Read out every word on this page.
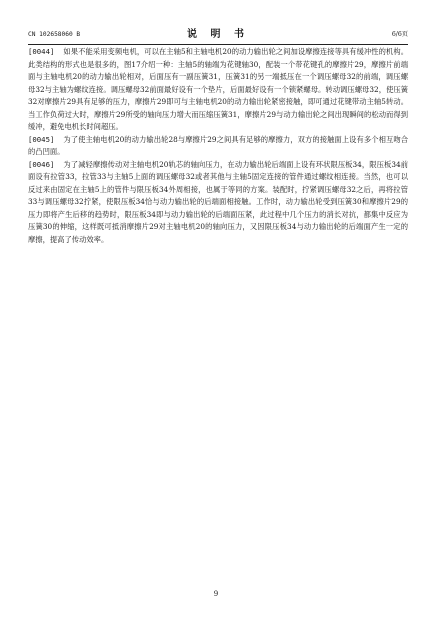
CN 102658060 B	说 明 书	6/6页

[0044] 如果不能采用变频电机，可以在主轴5和主轴电机20的动力输出轮之间加设摩擦连接等具有缓冲性的机构。此类结构的形式也是很多的，图17介绍一种：主轴5的轴端为花键轴30，配装一个带花键孔的摩擦片29，摩擦片前端面与主轴电机20的动力输出轮相对，后面压有一副压簧31，压簧31的另一端抵压在一个调压螺母32的前端，调压螺母32与主轴为螺纹连接。调压螺母32前面最好设有一个垫片，后面最好设有一个锁紧螺母。转动调压螺母32，使压簧32对摩擦片29具有足够的压力，摩擦片29即可与主轴电机20的动力输出轮紧密接触，即可通过花键带动主轴5转动。当工作负荷过大时，摩擦片29所受的轴向压力增大而压缩压簧31，摩擦片29与动力输出轮之间出现瞬间的松动而得到缓冲，避免电机长时间超压。

[0045] 为了使主轴电机20的动力输出轮28与摩擦片29之间具有足够的摩擦力，双方的接触面上设有多个相互吻合的凸凹面。

[0046] 为了减轻摩擦传动对主轴电机20轨芯的轴向压力，在动力输出轮后端面上设有环状限压板34，限压板34前面设有拉管33，拉管33与主轴5上面的调压螺母32或者其他与主轴5固定连接的管件通过螺纹相连接。当然，也可以反过来由固定在主轴5上的管件与限压板34外周相接，也属于等同的方案。装配时，拧紧调压螺母32之后，再将拉管33与调压螺母32拧紧，使限压板34恰与动力输出轮的后端面相接触。工作时，动力输出轮受到压簧30和摩擦片29的压力即将产生后移的趋势时，限压板34即与动力输出轮的后端面压紧，此过程中几个压力的消长对抗，都集中反应为压簧30的伸缩，这样既可抵消摩擦片29对主轴电机20的轴向压力，又因限压板34与动力输出轮的后端面产生一定的摩擦，提高了传动效率。

9
